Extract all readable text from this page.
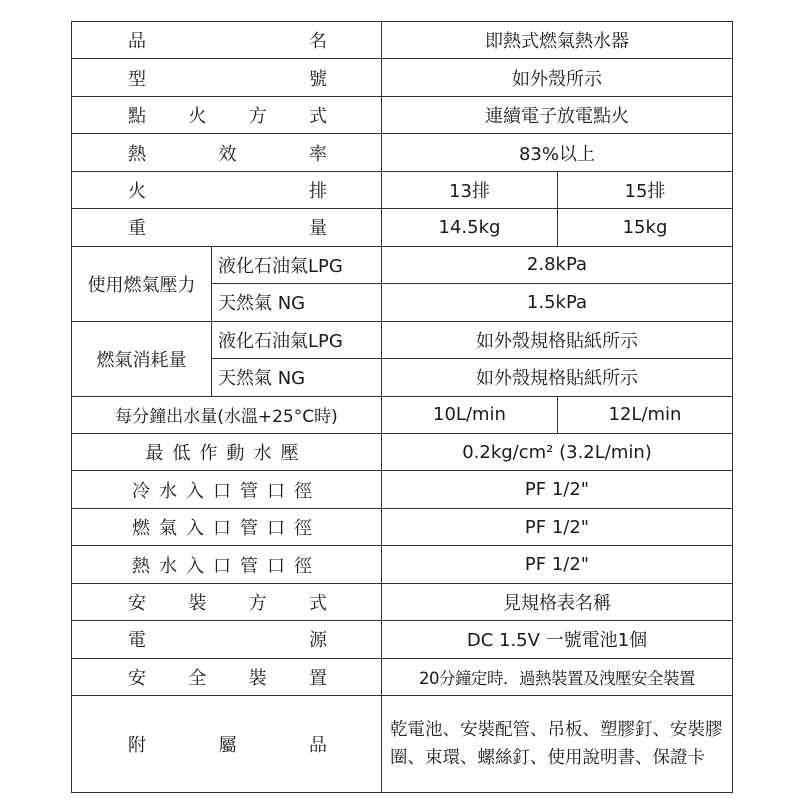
品　名		即熱式燃氣熱水器	
型　號		如外殼所示	
點　火　方　式		連續電子放電點火	
熱　效　率		83%以上	
火　排		13排	15排
重　量		14.5kg	15kg
使用燃氣壓力	液化石油氣LPG	2.8kPa	
	天然氣 NG	1.5kPa	
燃氣消耗量	液化石油氣LPG	如外殼規格貼紙所示	
	天然氣 NG	如外殼規格貼紙所示	
每分鐘出水量(水溫+25°C時)		10L/min	12L/min
最低作動水壓		0.2kg/cm² (3.2L/min)	
冷水入口管口徑		PF 1/2"	
燃氣入口管口徑		PF 1/2"	
熱水入口管口徑		PF 1/2"	
安　裝　方　式		見規格表名稱	
電　源		DC 1.5V 一號電池1個	
安　全　裝　置		20分鐘定時．過熱裝置及洩壓安全裝置	
附　屬　品		乾電池、安裝配管、吊板、塑膠釘、安裝膠圈、束環、螺絲釘、使用說明書、保證卡	
